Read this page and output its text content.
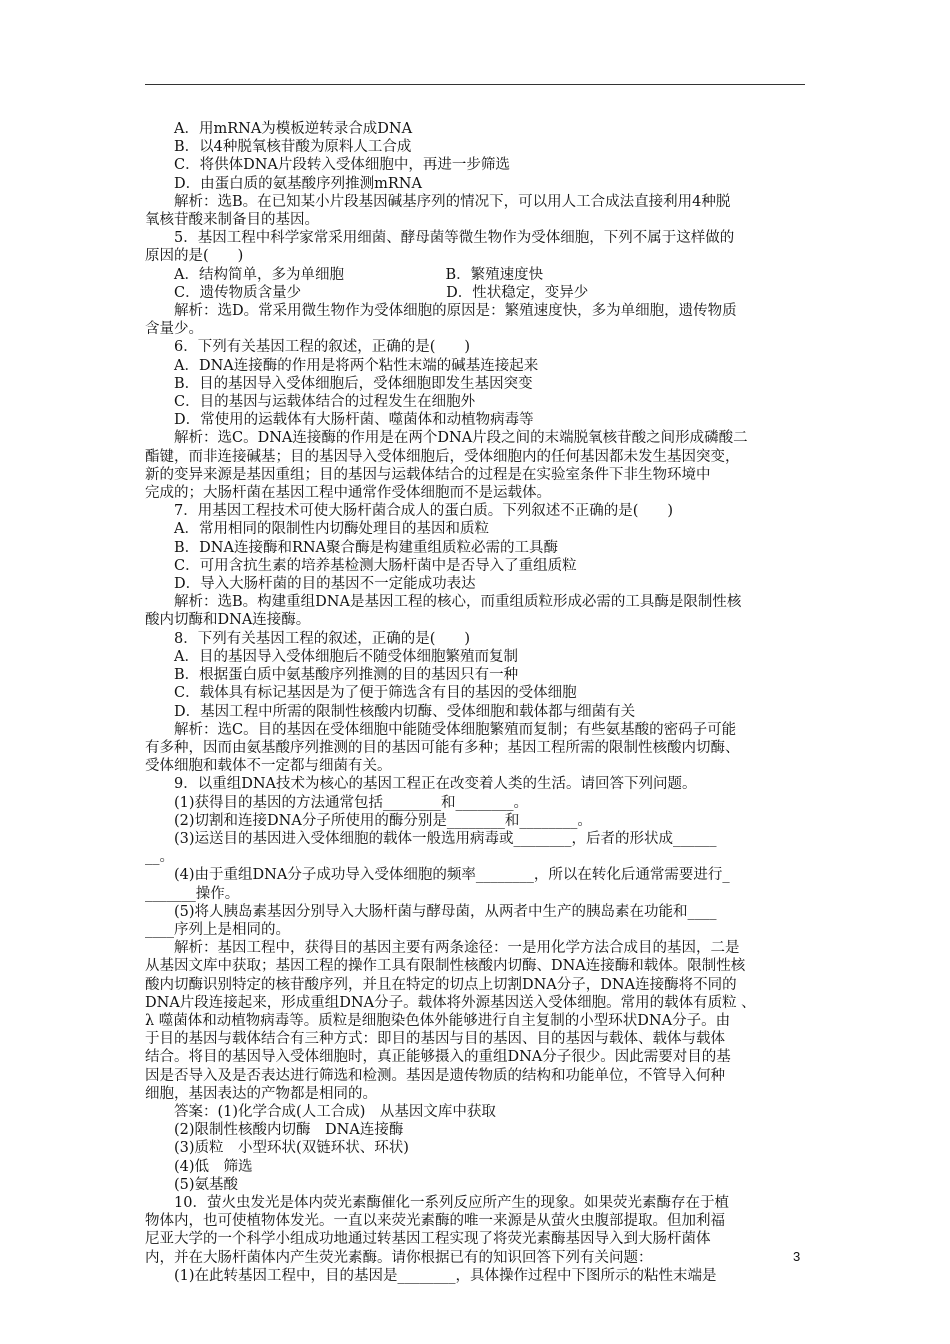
　　A．用mRNA为模板逆转录合成DNA
　　B．以4种脱氧核苷酸为原料人工合成
　　C．将供体DNA片段转入受体细胞中，再进一步筛选
　　D．由蛋白质的氨基酸序列推测mRNA
　　解析：选B。在已知某小片段基因碱基序列的情况下，可以用人工合成法直接利用4种脱
氧核苷酸来制备目的基因。
　　5．基因工程中科学家常采用细菌、酵母菌等微生物作为受体细胞，下列不属于这样做的
原因的是(　　)
　　A．结构简单，多为单细胞　　　　　　　B．繁殖速度快
　　C．遗传物质含量少　　　　　　　　　　D．性状稳定，变异少
　　解析：选D。常采用微生物作为受体细胞的原因是：繁殖速度快，多为单细胞，遗传物质
含量少。
　　6．下列有关基因工程的叙述，正确的是(　　)
　　A．DNA连接酶的作用是将两个粘性末端的碱基连接起来
　　B．目的基因导入受体细胞后，受体细胞即发生基因突变
　　C．目的基因与运载体结合的过程发生在细胞外
　　D．常使用的运载体有大肠杆菌、噬菌体和动植物病毒等
　　解析：选C。DNA连接酶的作用是在两个DNA片段之间的末端脱氧核苷酸之间形成磷酸二
酯键，而非连接碱基；目的基因导入受体细胞后，受体细胞内的任何基因都未发生基因突变，
新的变异来源是基因重组；目的基因与运载体结合的过程是在实验室条件下非生物环境中
完成的；大肠杆菌在基因工程中通常作受体细胞而不是运载体。
　　7．用基因工程技术可使大肠杆菌合成人的蛋白质。下列叙述不正确的是(　　)
　　A．常用相同的限制性内切酶处理目的基因和质粒
　　B．DNA连接酶和RNA聚合酶是构建重组质粒必需的工具酶
　　C．可用含抗生素的培养基检测大肠杆菌中是否导入了重组质粒
　　D．导入大肠杆菌的目的基因不一定能成功表达
　　解析：选B。构建重组DNA是基因工程的核心，而重组质粒形成必需的工具酶是限制性核
酸内切酶和DNA连接酶。
　　8．下列有关基因工程的叙述，正确的是(　　)
　　A．目的基因导入受体细胞后不随受体细胞繁殖而复制
　　B．根据蛋白质中氨基酸序列推测的目的基因只有一种
　　C．载体具有标记基因是为了便于筛选含有目的基因的受体细胞
　　D．基因工程中所需的限制性核酸内切酶、受体细胞和载体都与细菌有关
　　解析：选C。目的基因在受体细胞中能随受体细胞繁殖而复制；有些氨基酸的密码子可能
有多种，因而由氨基酸序列推测的目的基因可能有多种；基因工程所需的限制性核酸内切酶、
受体细胞和载体不一定都与细菌有关。
　　9．以重组DNA技术为核心的基因工程正在改变着人类的生活。请回答下列问题。
　　(1)获得目的基因的方法通常包括________和________。
　　(2)切割和连接DNA分子所使用的酶分别是________和________。
　　(3)运送目的基因进入受体细胞的载体一般选用病毒或________，后者的形状成______
__。
　　(4)由于重组DNA分子成功导入受体细胞的频率________，所以在转化后通常需要进行_
_______操作。
　　(5)将人胰岛素基因分别导入大肠杆菌与酵母菌，从两者中生产的胰岛素在功能和____
____序列上是相同的。
　　解析：基因工程中，获得目的基因主要有两条途径：一是用化学方法合成目的基因，二是
从基因文库中获取；基因工程的操作工具有限制性核酸内切酶、DNA连接酶和载体。限制性核
酸内切酶识别特定的核苷酸序列，并且在特定的切点上切割DNA分子，DNA连接酶将不同的
DNA片段连接起来，形成重组DNA分子。载体将外源基因送入受体细胞。常用的载体有质粒 、
λ 噬菌体和动植物病毒等。质粒是细胞染色体外能够进行自主复制的小型环状DNA分子。由
于目的基因与载体结合有三种方式：即目的基因与目的基因、目的基因与载体、载体与载体
结合。将目的基因导入受体细胞时，真正能够摄入的重组DNA分子很少。因此需要对目的基
因是否导入及是否表达进行筛选和检测。基因是遗传物质的结构和功能单位，不管导入何种
细胞，基因表达的产物都是相同的。
　　答案：(1)化学合成(人工合成)　从基因文库中获取
　　(2)限制性核酸内切酶　DNA连接酶
　　(3)质粒　小型环状(双链环状、环状)
　　(4)低　筛选
　　(5)氨基酸
　　10．萤火虫发光是体内荧光素酶催化一系列反应所产生的现象。如果荧光素酶存在于植
物体内，也可使植物体发光。一直以来荧光素酶的唯一来源是从萤火虫腹部提取。但加利福
尼亚大学的一个科学小组成功地通过转基因工程实现了将荧光素酶基因导入到大肠杆菌体
内，并在大肠杆菌体内产生荧光素酶。请你根据已有的知识回答下列有关问题：
　　(1)在此转基因工程中，目的基因是________，具体操作过程中下图所示的粘性末端是
3
